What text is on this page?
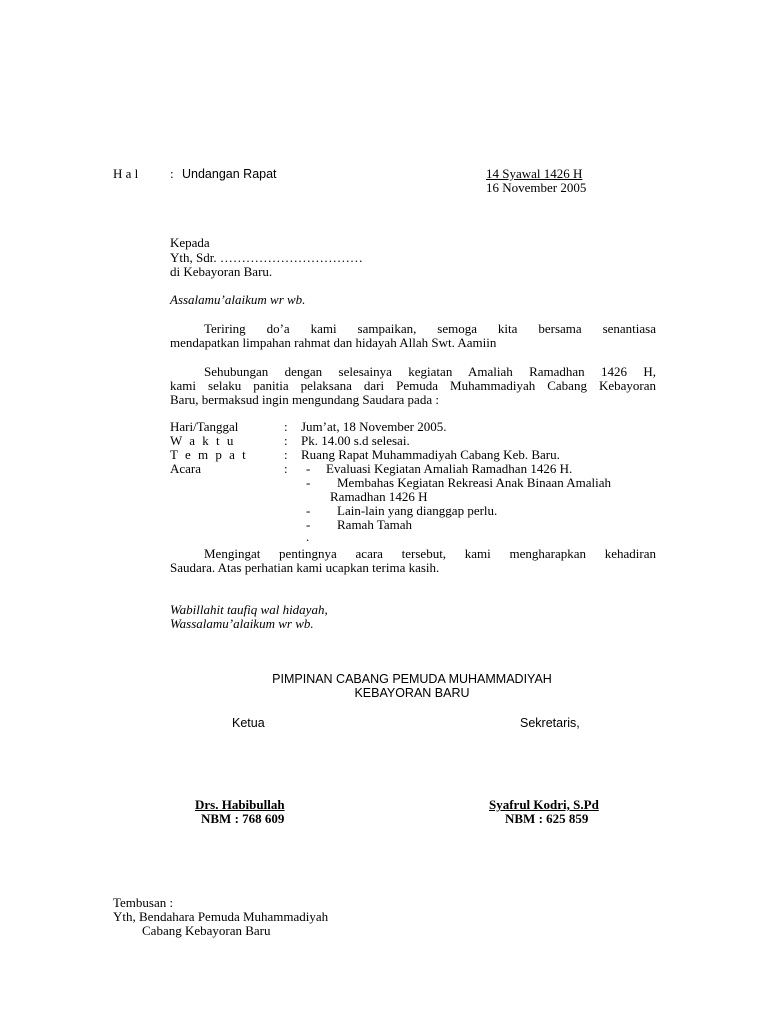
H a l : Undangan Rapat	14 Syawal 1426 H
16 November 2005
Kepada
Yth, Sdr. ……………………………
di Kebayoran Baru.
Assalamu’alaikum wr wb.
Teriring do’a kami sampaikan, semoga kita bersama senantiasa
mendapatkan limpahan rahmat dan hidayah Allah Swt. Aamiin
Sehubungan dengan selesainya kegiatan Amaliah Ramadhan 1426 H,
kami selaku panitia pelaksana dari Pemuda Muhammadiyah Cabang Kebayoran
Baru, bermaksud ingin mengundang Saudara pada :
Hari/Tanggal	: Jum’at, 18 November 2005.
W a k t u	: Pk. 14.00 s.d selesai.
T e m p a t	: Ruang Rapat Muhammadiyah Cabang Keb. Baru.
Acara	: - Evaluasi Kegiatan Amaliah Ramadhan 1426 H.
- Membahas Kegiatan Rekreasi Anak Binaan Amaliah
Ramadhan 1426 H
- Lain-lain yang dianggap perlu.
- Ramah Tamah
.
Mengingat pentingnya acara tersebut, kami mengharapkan kehadiran
Saudara. Atas perhatian kami ucapkan terima kasih.
Wabillahit taufiq wal hidayah,
Wassalamu’alaikum wr wb.
PIMPINAN CABANG PEMUDA MUHAMMADIYAH
KEBAYORAN BARU
Ketua	Sekretaris,
Drs. Habibullah
NBM : 768 609
Syafrul Kodri, S.Pd
NBM : 625 859
Tembusan :
Yth, Bendahara Pemuda Muhammadiyah
Cabang Kebayoran Baru
